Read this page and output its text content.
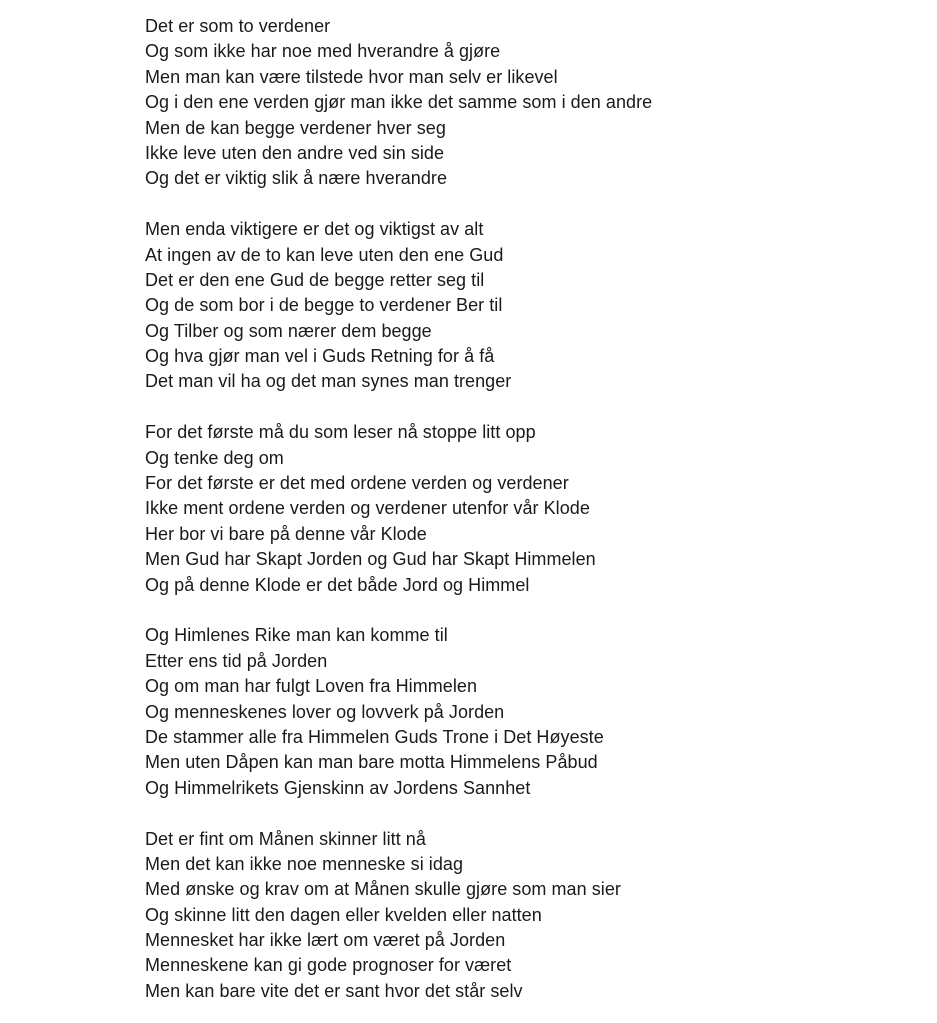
Det er som to verdener
Og som ikke har noe med hverandre å gjøre
Men man kan være tilstede hvor man selv er likevel
Og i den ene verden gjør man ikke det samme som i den andre
Men de kan begge verdener hver seg
Ikke leve uten den andre ved sin side
Og det er viktig slik å nære hverandre
Men enda viktigere er det og viktigst av alt
At ingen av de to kan leve uten den ene Gud
Det er den ene Gud de begge retter seg til
Og de som bor i de begge to verdener Ber til
Og Tilber og som nærer dem begge
Og hva gjør man vel i Guds Retning for å få
Det man vil ha og det man synes man trenger
For det første må du som leser nå stoppe litt opp
Og tenke deg om
For det første er det med ordene verden og verdener
Ikke ment ordene verden og verdener utenfor vår Klode
Her bor vi bare på denne vår Klode
Men Gud har Skapt Jorden og Gud har Skapt Himmelen
Og på denne Klode er det både Jord og Himmel
Og Himlenes Rike man kan komme til
Etter ens tid på Jorden
Og om man har fulgt Loven fra Himmelen
Og menneskenes lover og lovverk på Jorden
De stammer alle fra Himmelen Guds Trone i Det Høyeste
Men uten Dåpen kan man bare motta Himmelens Påbud
Og Himmelrikets Gjenskinn av Jordens Sannhet
Det er fint om Månen skinner litt nå
Men det kan ikke noe menneske si idag
Med ønske og krav om at Månen skulle gjøre som man sier
Og skinne litt den dagen eller kvelden eller natten
Mennesket har ikke lært om været på Jorden
Menneskene kan gi gode prognoser for været
Men kan bare vite det er sant hvor det står selv
